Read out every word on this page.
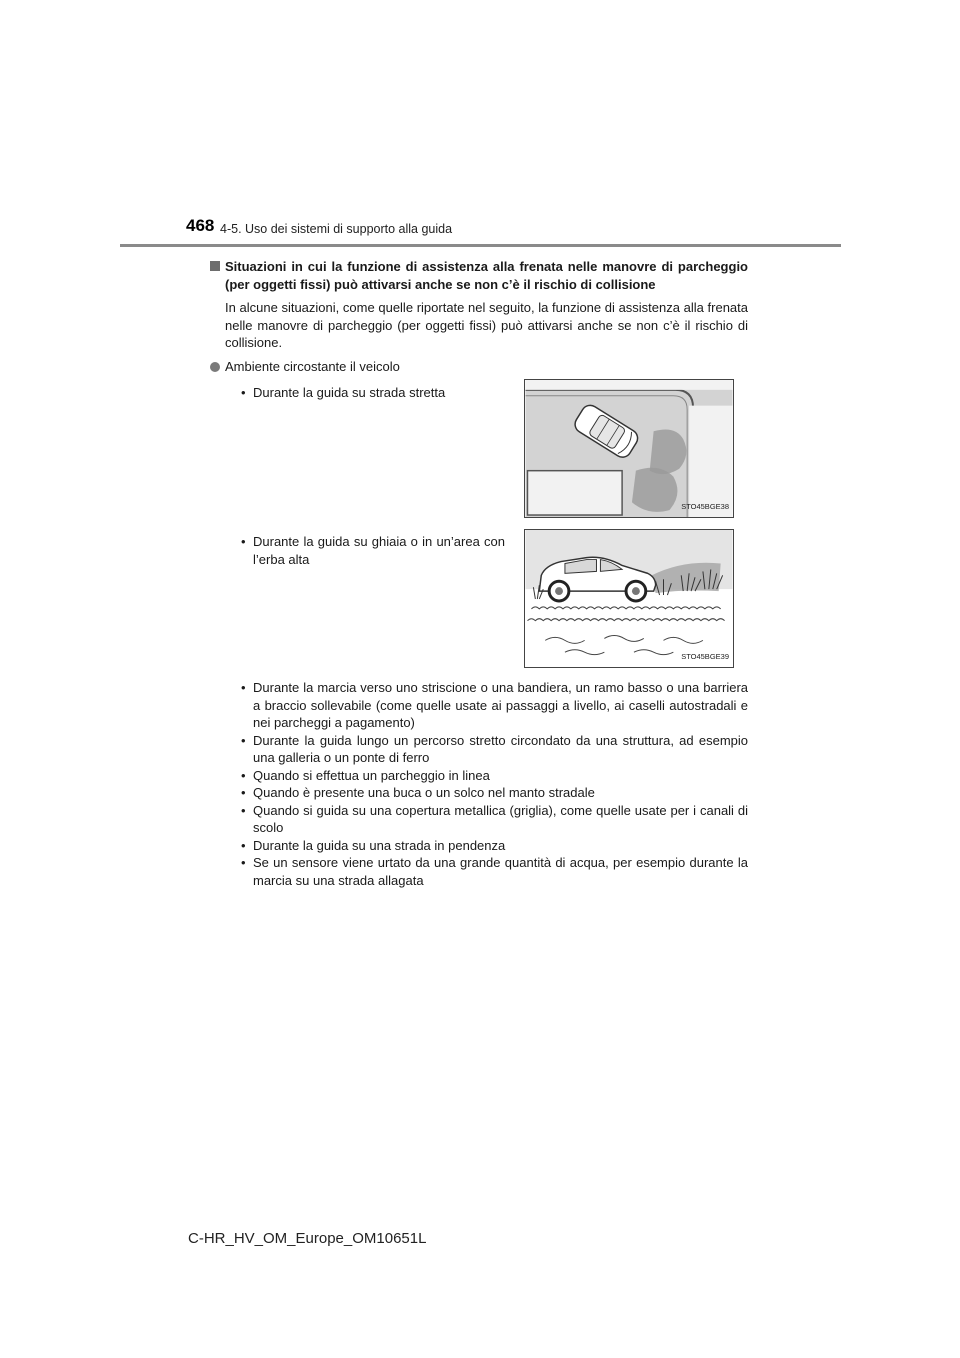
468 4-5. Uso dei sistemi di supporto alla guida
Situazioni in cui la funzione di assistenza alla frenata nelle manovre di parcheggio (per oggetti fissi) può attivarsi anche se non c’è il rischio di collisione

In alcune situazioni, come quelle riportate nel seguito, la funzione di assistenza alla frenata nelle manovre di parcheggio (per oggetti fissi) può attivarsi anche se non c’è il rischio di collisione.

Ambiente circostante il veicolo
• Durante la guida su strada stretta
STO45BGE38
• Durante la guida su ghiaia o in un’area con l’erba alta
STO45BGE39
• Durante la marcia verso uno striscione o una bandiera, un ramo basso o una barriera a braccio sollevabile (come quelle usate ai passaggi a livello, ai caselli autostradali e nei parcheggi a pagamento)
• Durante la guida lungo un percorso stretto circondato da una struttura, ad esempio una galleria o un ponte di ferro
• Quando si effettua un parcheggio in linea
• Quando è presente una buca o un solco nel manto stradale
• Quando si guida su una copertura metallica (griglia), come quelle usate per i canali di scolo
• Durante la guida su una strada in pendenza
• Se un sensore viene urtato da una grande quantità di acqua, per esempio durante la marcia su una strada allagata
C-HR_HV_OM_Europe_OM10651L
